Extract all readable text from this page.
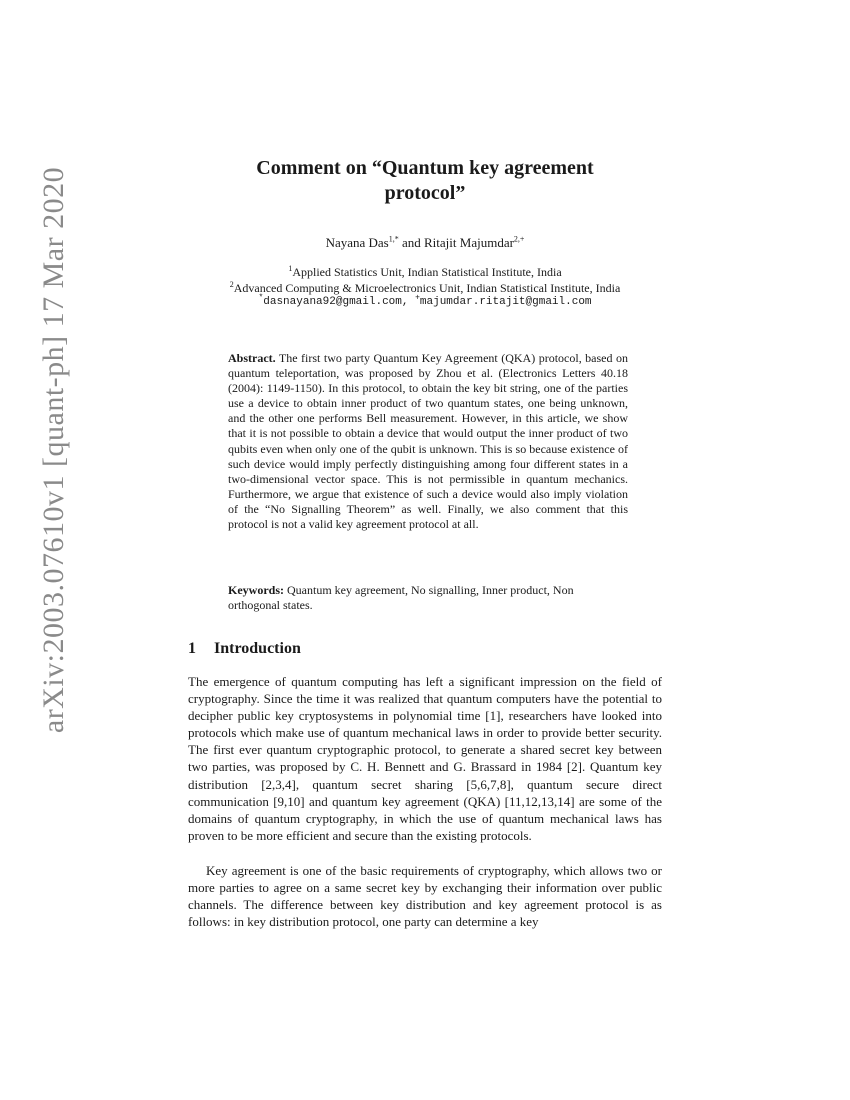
arXiv:2003.07610v1 [quant-ph] 17 Mar 2020	Comment on “Quantum key agreement
protocol”
Nayana Das$^{1,*}$ and Ritajit Majumdar$^{2,+}$
$^1$Applied Statistics Unit, Indian Statistical Institute, India
$^2$Advanced Computing & Microelectronics Unit, Indian Statistical Institute, India
*dasnayana92@gmail.com, +majumdar.ritajit@gmail.com
Abstract. The first two party Quantum Key Agreement (QKA) protocol, based on quantum teleportation, was proposed by Zhou et al. (Electronics Letters 40.18 (2004): 1149-1150). In this protocol, to obtain the key bit string, one of the parties use a device to obtain inner product of two quantum states, one being unknown, and the other one performs Bell measurement. However, in this article, we show that it is not possible to obtain a device that would output the inner product of two qubits even when only one of the qubit is unknown. This is so because existence of such device would imply perfectly distinguishing among four different states in a two-dimensional vector space. This is not permissible in quantum mechanics. Furthermore, we argue that existence of such a device would also imply violation of the “No Signalling Theorem” as well. Finally, we also comment that this protocol is not a valid key agreement protocol at all.
Keywords: Quantum key agreement, No signalling, Inner product, Non orthogonal states.
1 Introduction
The emergence of quantum computing has left a significant impression on the field of cryptography. Since the time it was realized that quantum computers have the potential to decipher public key cryptosystems in polynomial time [1], researchers have looked into protocols which make use of quantum mechanical laws in order to provide better security. The first ever quantum cryptographic protocol, to generate a shared secret key between two parties, was proposed by C. H. Bennett and G. Brassard in 1984 [2]. Quantum key distribution [2,3,4], quantum secret sharing [5,6,7,8], quantum secure direct communication [9,10] and quantum key agreement (QKA) [11,12,13,14] are some of the domains of quantum cryptography, in which the use of quantum mechanical laws has proven to be more efficient and secure than the existing protocols.
Key agreement is one of the basic requirements of cryptography, which allows two or more parties to agree on a same secret key by exchanging their information over public channels. The difference between key distribution and key agreement protocol is as follows: in key distribution protocol, one party can determine a key
